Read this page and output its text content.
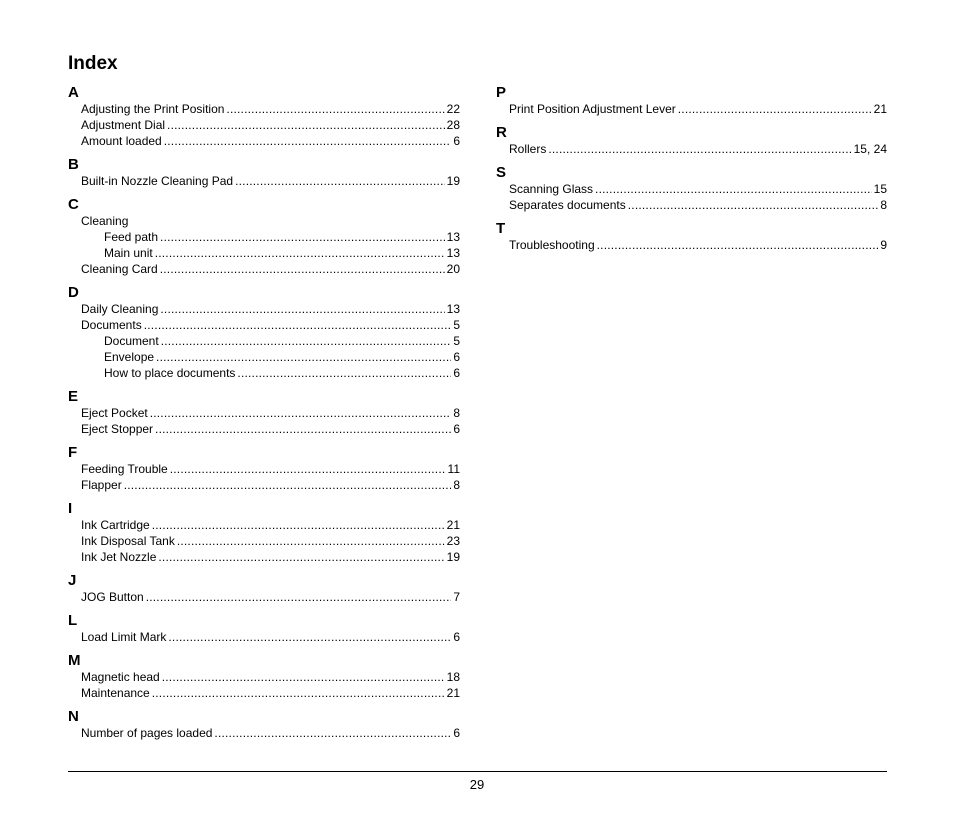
Index
A
Adjusting the Print Position .....	22
Adjustment Dial .....	28
Amount loaded .....	6
B
Built-in Nozzle Cleaning Pad .....	19
C
Cleaning
Feed path .....	13
Main unit .....	13
Cleaning Card .....	20
D
Daily Cleaning .....	13
Documents .....	5
Document .....	5
Envelope .....	6
How to place documents .....	6
E
Eject Pocket .....	8
Eject Stopper .....	6
F
Feeding Trouble .....	11
Flapper .....	8
I
Ink Cartridge .....	21
Ink Disposal Tank .....	23
Ink Jet Nozzle .....	19
J
JOG Button .....	7
L
Load Limit Mark .....	6
M
Magnetic head .....	18
Maintenance .....	21
N
Number of pages loaded .....	6
P
Print Position Adjustment Lever .....	21
R
Rollers .....	15, 24
S
Scanning Glass .....	15
Separates documents .....	8
T
Troubleshooting .....	9
29
